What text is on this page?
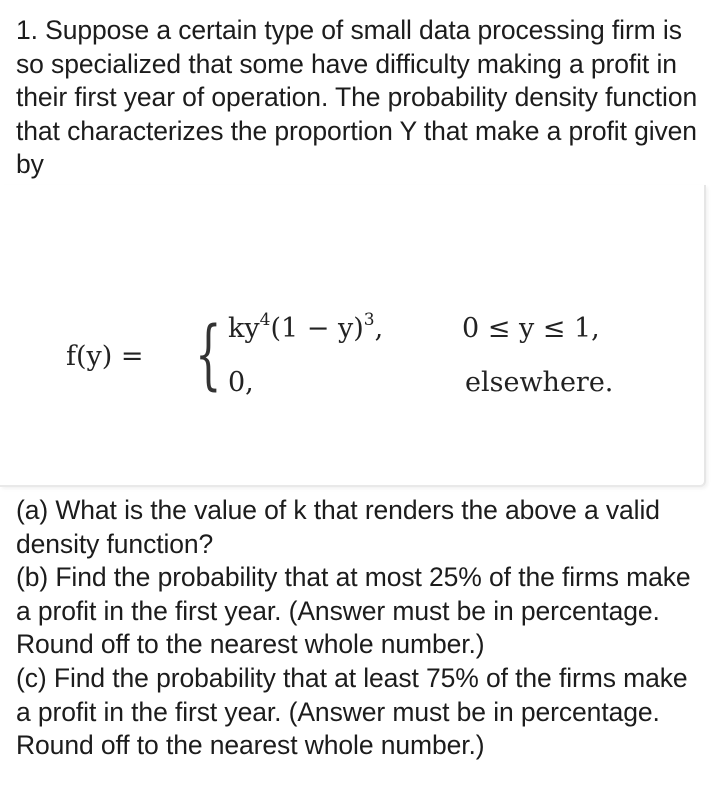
1. Suppose a certain type of small data processing firm is so specialized that some have difficulty making a profit in their first year of operation. The probability density function that characterizes the proportion Y that make a profit given by
f(y) = { $ky^4(1 - y)^3$,	0 ≤ y ≤ 1,
0,	elsewhere.

(a) What is the value of k that renders the above a valid density function?

(b) Find the probability that at most 25% of the firms make a profit in the first year. (Answer must be in percentage. Round off to the nearest whole number.)

(c) Find the probability that at least 75% of the firms make a profit in the first year. (Answer must be in percentage. Round off to the nearest whole number.)
